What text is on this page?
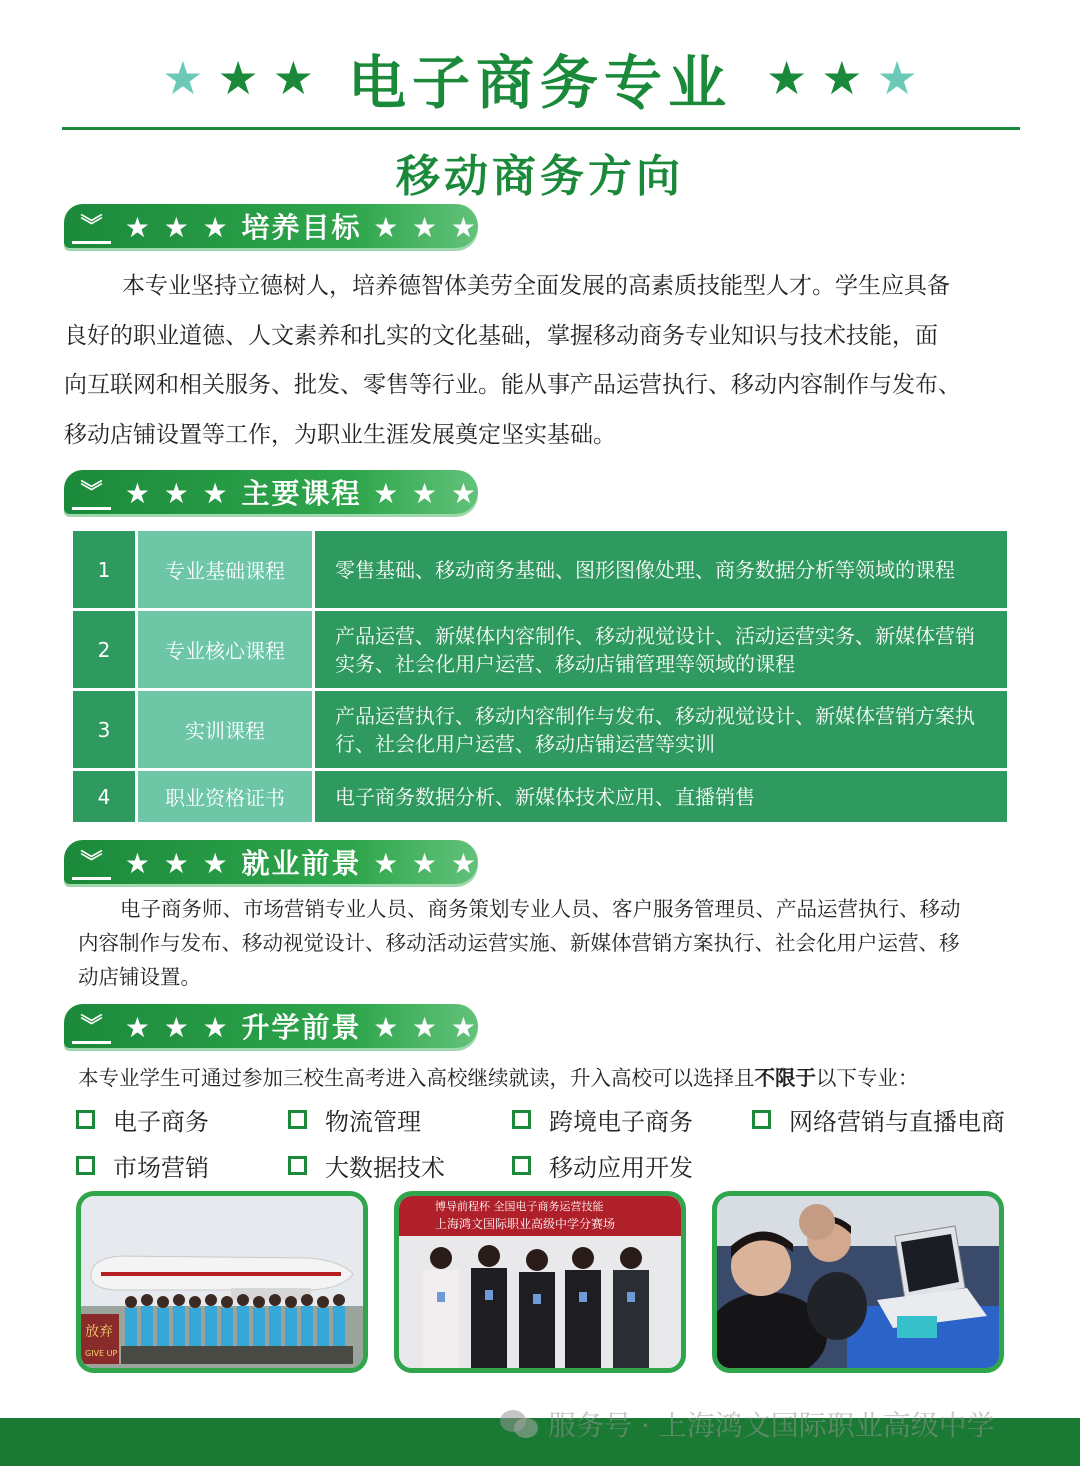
★ ★ ★ 电子商务专业 ★ ★ ★
移动商务方向
︾ ★ ★ ★ 培养目标 ★ ★ ★
本专业坚持立德树人，培养德智体美劳全面发展的高素质技能型人才。学生应具备
良好的职业道德、人文素养和扎实的文化基础，掌握移动商务专业知识与技术技能，面
向互联网和相关服务、批发、零售等行业。能从事产品运营执行、移动内容制作与发布、
移动店铺设置等工作，为职业生涯发展奠定坚实基础。
︾ ★ ★ ★ 主要课程 ★ ★ ★
1	专业基础课程	零售基础、移动商务基础、图形图像处理、商务数据分析等领域的课程
2	专业核心课程	产品运营、新媒体内容制作、移动视觉设计、活动运营实务、新媒体营销实务、社会化用户运营、移动店铺管理等领域的课程
3	实训课程	产品运营执行、移动内容制作与发布、移动视觉设计、新媒体营销方案执行、社会化用户运营、移动店铺运营等实训
4	职业资格证书	电子商务数据分析、新媒体技术应用、直播销售
︾ ★ ★ ★ 就业前景 ★ ★ ★
电子商务师、市场营销专业人员、商务策划专业人员、客户服务管理员、产品运营执行、移动
内容制作与发布、移动视觉设计、移动活动运营实施、新媒体营销方案执行、社会化用户运营、移
动店铺设置。
︾ ★ ★ ★ 升学前景 ★ ★ ★
本专业学生可通过参加三校生高考进入高校继续就读，升入高校可以选择且不限于以下专业：
电子商务	物流管理	跨境电子商务	网络营销与直播电商
市场营销	大数据技术	移动应用开发
放弃
GIVE UP
博导前程杯 全国电子商务运营技能
上海鸿文国际职业高级中学分赛场
服务号 · 上海鸿文国际职业高级中学
